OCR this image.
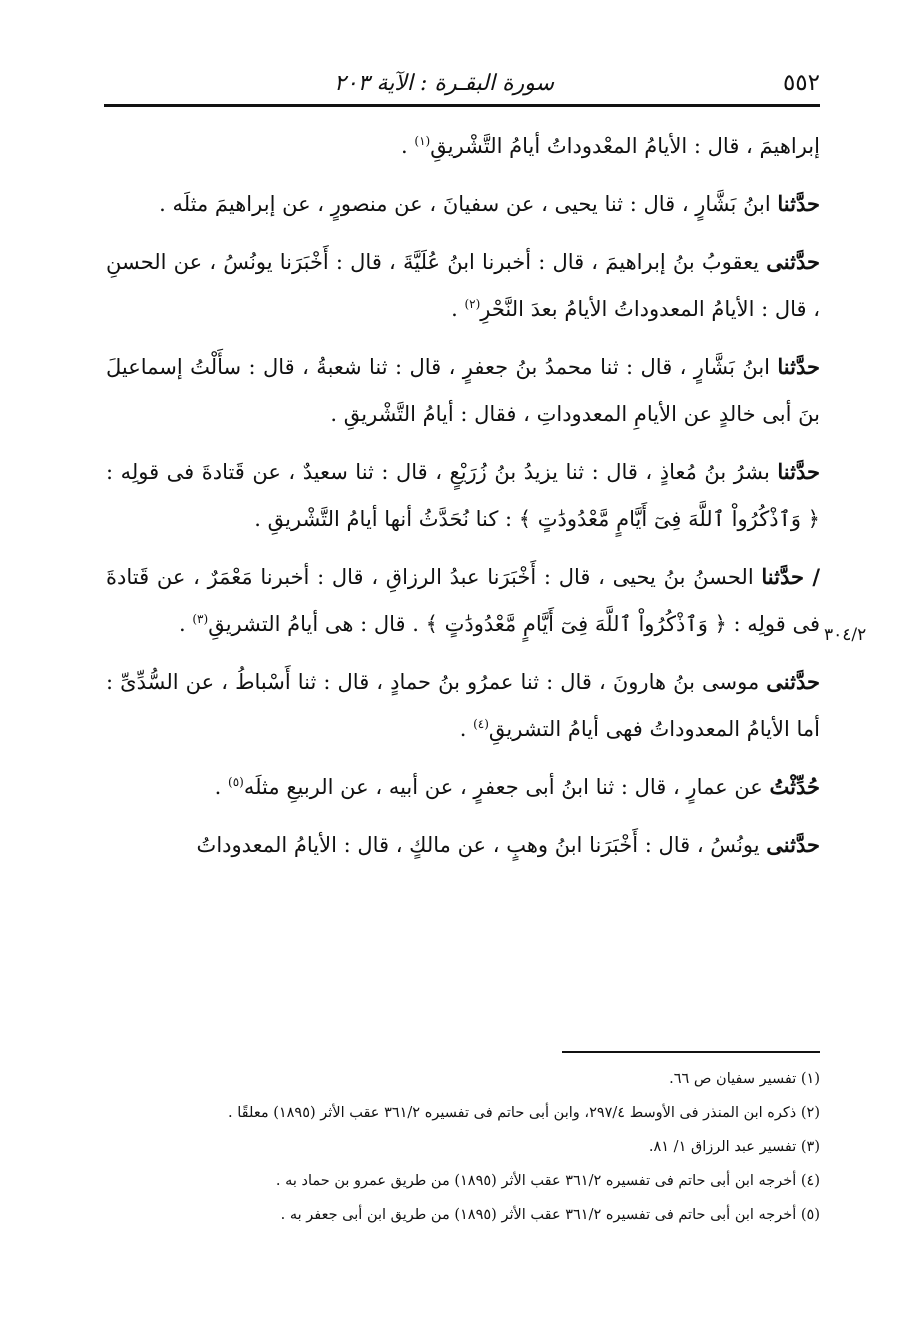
٥٥٢
سورة البقـرة : الآية ٢٠٣
٣٠٤/٢

إبراهيمَ ، قال : الأيامُ المعْدوداتُ أيامُ التَّشْريقِ$^{(١)}$ .

حدَّثنا ابنُ بَشَّارٍ ، قال : ثنا يحيى ، عن سفيانَ ، عن منصورٍ ، عن إبراهيمَ مثلَه .

حدَّثنى يعقوبُ بنُ إبراهيمَ ، قال : أخبرنا ابنُ عُلَيَّةَ ، قال : أَخْبَرَنا يونُسُ ، عن الحسنِ ، قال : الأيامُ المعدوداتُ الأيامُ بعدَ النَّحْرِ$^{(٢)}$ .

حدَّثنا ابنُ بَشَّارٍ ، قال : ثنا محمدُ بنُ جعفرٍ ، قال : ثنا شعبةُ ، قال : سأَلْتُ إسماعيلَ بنَ أبى خالدٍ عن الأيامِ المعدوداتِ ، فقال : أيامُ التَّشْريقِ .

حدَّثنا بشرُ بنُ مُعاذٍ ، قال : ثنا يزيدُ بنُ زُرَيْعٍ ، قال : ثنا سعيدٌ ، عن قَتادةَ فى قولِه : ﴿ وَٱذْكُرُواْ ٱللَّهَ فِىٓ أَيَّامٍ مَّعْدُودَٰتٍ ﴾ : كنا نُحَدَّثُ أنها أيامُ التَّشْريقِ .

/ حدَّثنا الحسنُ بنُ يحيى ، قال : أَخْبَرَنا عبدُ الرزاقِ ، قال : أخبرنا مَعْمَرٌ ، عن قَتادةَ فى قولِه : ﴿ وَٱذْكُرُواْ ٱللَّهَ فِىٓ أَيَّامٍ مَّعْدُودَٰتٍ ﴾ . قال : هى أيامُ التشريقِ$^{(٣)}$ .

حدَّثنى موسى بنُ هارونَ ، قال : ثنا عمرُو بنُ حمادٍ ، قال : ثنا أَسْباطُ ، عن السُّدِّىِّ : أما الأيامُ المعدوداتُ فهى أيامُ التشريقِ$^{(٤)}$ .

حُدِّثْتُ عن عمارٍ ، قال : ثنا ابنُ أبى جعفرٍ ، عن أبيه ، عن الربيعِ مثلَه$^{(٥)}$ .

حدَّثنى يونُسُ ، قال : أَخْبَرَنا ابنُ وهبٍ ، عن مالكٍ ، قال : الأيامُ المعدوداتُ

(١) تفسير سفيان ص ٦٦.

(٢) ذكره ابن المنذر فى الأوسط ٢٩٧/٤، وابن أبى حاتم فى تفسيره ٣٦١/٢ عقب الأثر (١٨٩٥) معلقًا .

(٣) تفسير عبد الرزاق ١/ ٨١.

(٤) أخرجه ابن أبى حاتم فى تفسيره ٣٦١/٢ عقب الأثر (١٨٩٥) من طريق عمرو بن حماد به .

(٥) أخرجه ابن أبى حاتم فى تفسيره ٣٦١/٢ عقب الأثر (١٨٩٥) من طريق ابن أبى جعفر به .
